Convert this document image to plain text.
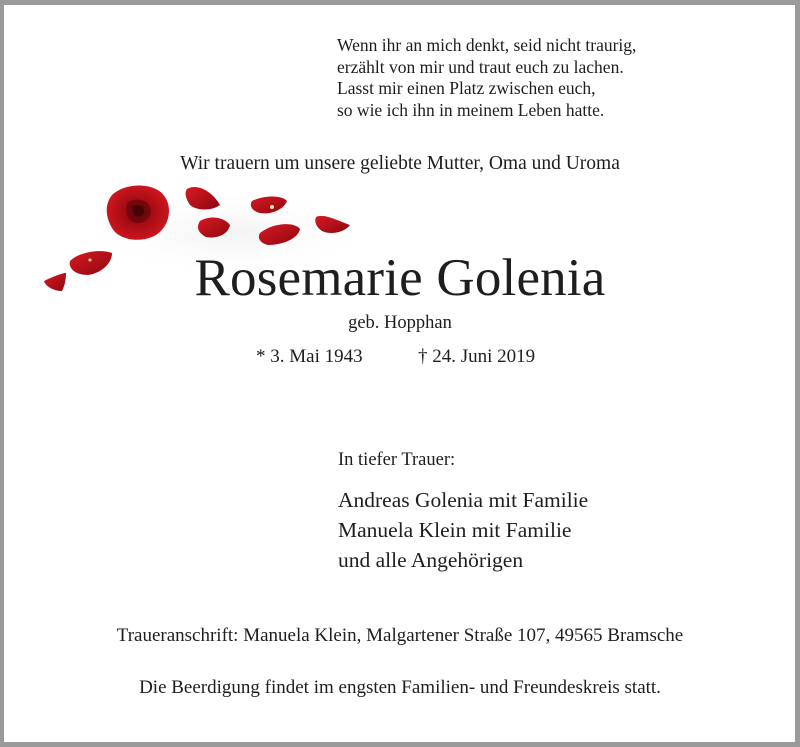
Wenn ihr an mich denkt, seid nicht traurig,
erzählt von mir und traut euch zu lachen.
Lasst mir einen Platz zwischen euch,
so wie ich ihn in meinem Leben hatte.
Wir trauern um unsere geliebte Mutter, Oma und Uroma
Rosemarie Golenia
geb. Hopphan
* 3. Mai 1943	† 24. Juni 2019
In tiefer Trauer:
Andreas Golenia mit Familie
Manuela Klein mit Familie
und alle Angehörigen
Traueranschrift: Manuela Klein, Malgartener Straße 107, 49565 Bramsche
Die Beerdigung findet im engsten Familien- und Freundeskreis statt.
